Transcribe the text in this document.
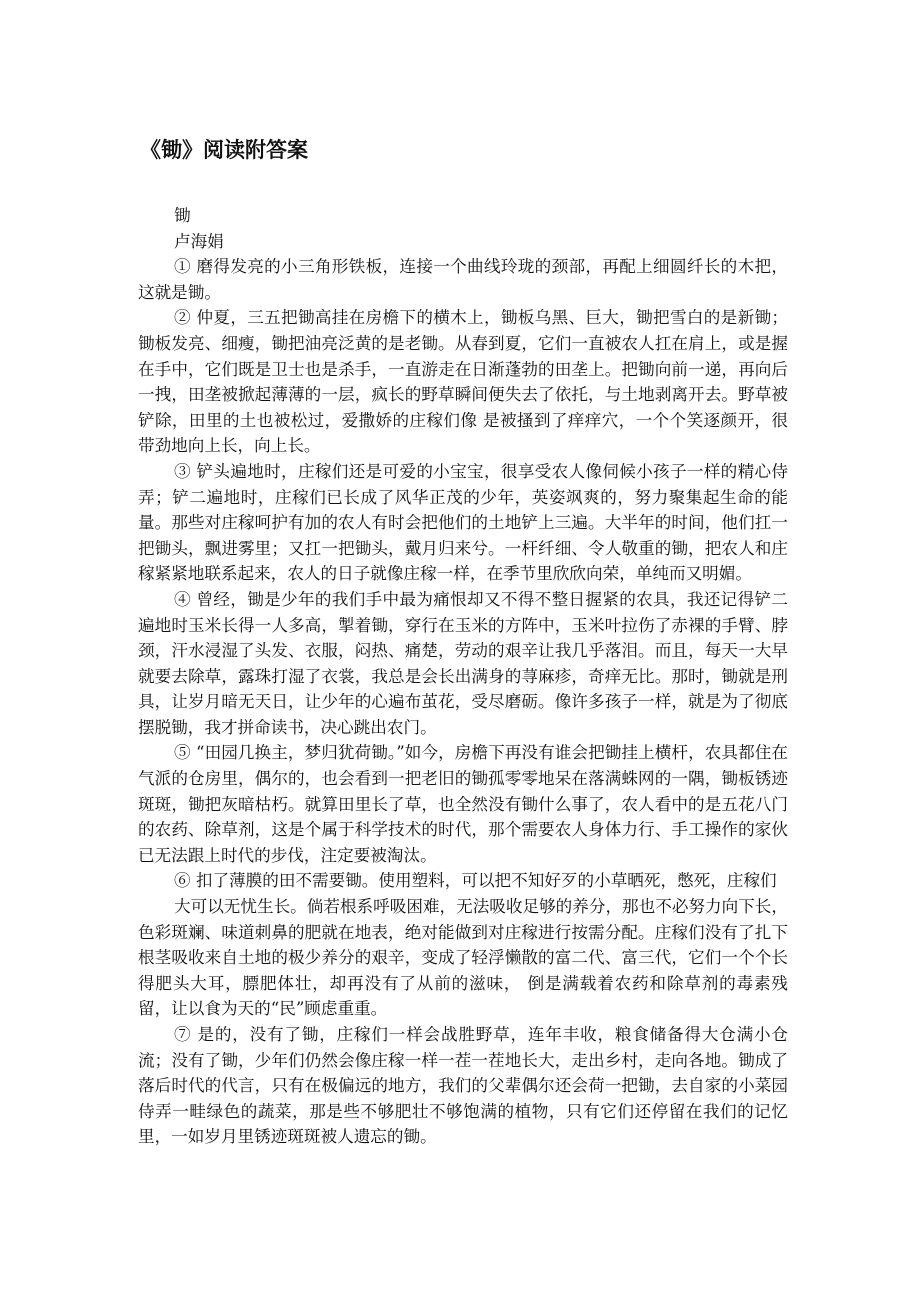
《锄》阅读附答案
锄
卢海娟

① 磨得发亮的小三角形铁板，连接一个曲线玲珑的颈部，再配上细圆纤长的木把，这就是锄。

② 仲夏，三五把锄高挂在房檐下的横木上，锄板乌黑、巨大，锄把雪白的是新锄；锄板发亮、细瘦，锄把油亮泛黄的是老锄。从春到夏，它们一直被农人扛在肩上，或是握在手中，它们既是卫士也是杀手，一直游走在日渐蓬勃的田垄上。把锄向前一递，再向后一拽，田垄被掀起薄薄的一层，疯长的野草瞬间便失去了依托，与土地剥离开去。野草被铲除，田里的土也被松过，爱撒娇的庄稼们像 是被搔到了痒痒穴，一个个笑逐颜开，很带劲地向上长，向上长。

③ 铲头遍地时，庄稼们还是可爱的小宝宝，很享受农人像伺候小孩子一样的精心侍弄；铲二遍地时，庄稼们已长成了风华正茂的少年，英姿飒爽的，努力聚集起生命的能量。那些对庄稼呵护有加的农人有时会把他们的土地铲上三遍。大半年的时间，他们扛一把锄头，飘进雾里；又扛一把锄头，戴月归来兮。一杆纤细、令人敬重的锄，把农人和庄稼紧紧地联系起来，农人的日子就像庄稼一样，在季节里欣欣向荣，单纯而又明媚。

④ 曾经，锄是少年的我们手中最为痛恨却又不得不整日握紧的农具，我还记得铲二遍地时玉米长得一人多高，掣着锄，穿行在玉米的方阵中，玉米叶拉伤了赤裸的手臂、脖颈，汗水浸湿了头发、衣服，闷热、痛楚，劳动的艰辛让我几乎落泪。而且，每天一大早就要去除草，露珠打湿了衣裳，我总是会长出满身的荨麻疹，奇痒无比。那时，锄就是刑具，让岁月暗无天日，让少年的心遍布茧花，受尽磨砺。像许多孩子一样，就是为了彻底摆脱锄，我才拼命读书，决心跳出农门。

⑤ “田园几换主，梦归犹荷锄。”如今，房檐下再没有谁会把锄挂上横杆，农具都住在气派的仓房里，偶尔的，也会看到一把老旧的锄孤零零地呆在落满蛛网的一隅，锄板锈迹斑斑，锄把灰暗枯朽。就算田里长了草，也全然没有锄什么事了，农人看中的是五花八门的农药、除草剂，这是个属于科学技术的时代，那个需要农人身体力行、手工操作的家伙已无法跟上时代的步伐，注定要被淘汰。

⑥ 扣了薄膜的田不需要锄。使用塑料，可以把不知好歹的小草晒死，憋死，庄稼们

大可以无忧生长。倘若根系呼吸困难，无法吸收足够的养分，那也不必努力向下长，色彩斑斓、味道刺鼻的肥就在地表，绝对能做到对庄稼进行按需分配。庄稼们没有了扎下根茎吸收来自土地的极少养分的艰辛，变成了轻浮懒散的富二代、富三代，它们一个个长得肥头大耳，膘肥体壮，却再没有了从前的滋味， 倒是满载着农药和除草剂的毒素残留，让以食为天的“民”顾虑重重。

⑦ 是的，没有了锄，庄稼们一样会战胜野草，连年丰收，粮食储备得大仓满小仓流；没有了锄，少年们仍然会像庄稼一样一茬一茬地长大，走出乡村，走向各地。锄成了落后时代的代言，只有在极偏远的地方，我们的父辈偶尔还会荷一把锄，去自家的小菜园侍弄一畦绿色的蔬菜，那是些不够肥壮不够饱满的植物，只有它们还停留在我们的记忆里，一如岁月里锈迹斑斑被人遗忘的锄。
